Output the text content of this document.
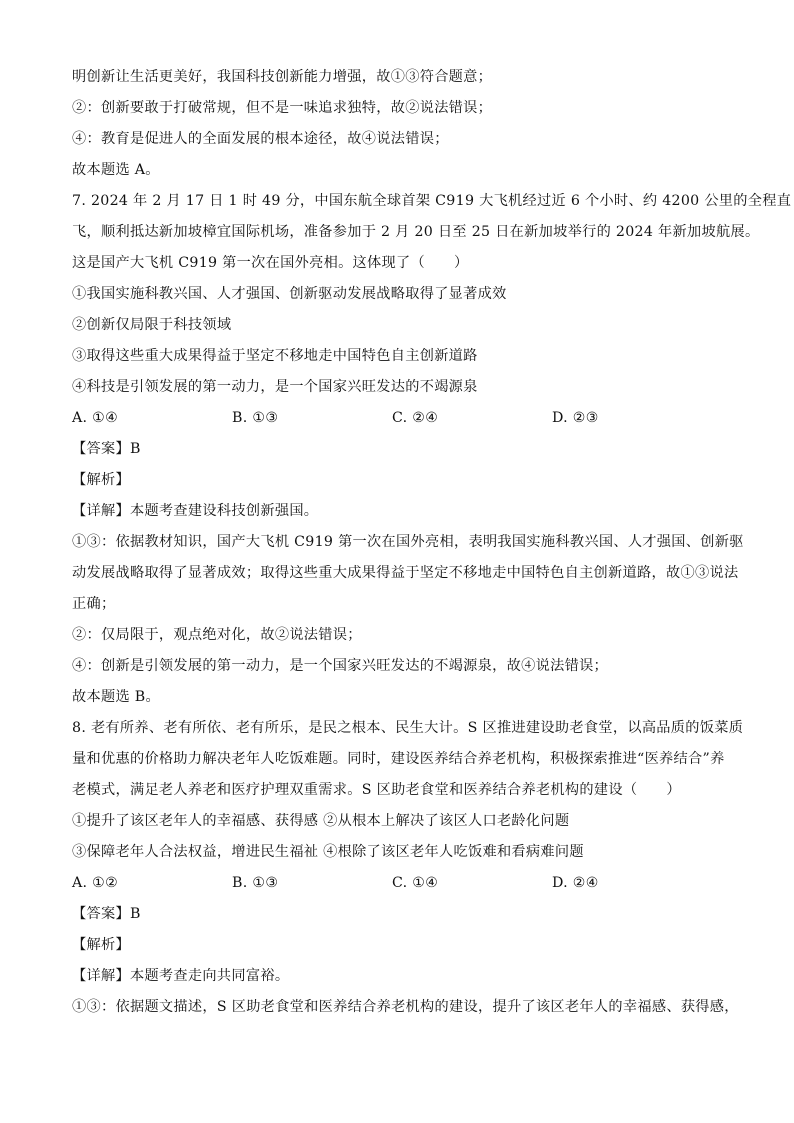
明创新让生活更美好，我国科技创新能力增强，故①③符合题意；
②：创新要敢于打破常规，但不是一味追求独特，故②说法错误；
④：教育是促进人的全面发展的根本途径，故④说法错误；
故本题选 A。
7. 2024 年 2 月 17 日 1 时 49 分，中国东航全球首架 C919 大飞机经过近 6 个小时、约 4200 公里的全程直
飞，顺利抵达新加坡樟宜国际机场，准备参加于 2 月 20 日至 25 日在新加坡举行的 2024 年新加坡航展。
这是国产大飞机 C919 第一次在国外亮相。这体现了（　　）
①我国实施科教兴国、人才强国、创新驱动发展战略取得了显著成效
②创新仅局限于科技领域
③取得这些重大成果得益于坚定不移地走中国特色自主创新道路
④科技是引领发展的第一动力，是一个国家兴旺发达的不竭源泉
A. ①④	B. ①③	C. ②④	D. ②③
【答案】B
【解析】
【详解】本题考查建设科技创新强国。
①③：依据教材知识，国产大飞机 C919 第一次在国外亮相，表明我国实施科教兴国、人才强国、创新驱
动发展战略取得了显著成效；取得这些重大成果得益于坚定不移地走中国特色自主创新道路，故①③说法
正确；
②：仅局限于，观点绝对化，故②说法错误；
④：创新是引领发展的第一动力，是一个国家兴旺发达的不竭源泉，故④说法错误；
故本题选 B。
8. 老有所养、老有所依、老有所乐，是民之根本、民生大计。S 区推进建设助老食堂，以高品质的饭菜质
量和优惠的价格助力解决老年人吃饭难题。同时，建设医养结合养老机构，积极探索推进“医养结合”养
老模式，满足老人养老和医疗护理双重需求。S 区助老食堂和医养结合养老机构的建设（　　）
①提升了该区老年人的幸福感、获得感 ②从根本上解决了该区人口老龄化问题
③保障老年人合法权益，增进民生福祉 ④根除了该区老年人吃饭难和看病难问题
A. ①②	B. ①③	C. ①④	D. ②④
【答案】B
【解析】
【详解】本题考查走向共同富裕。
①③：依据题文描述，S 区助老食堂和医养结合养老机构的建设，提升了该区老年人的幸福感、获得感，
